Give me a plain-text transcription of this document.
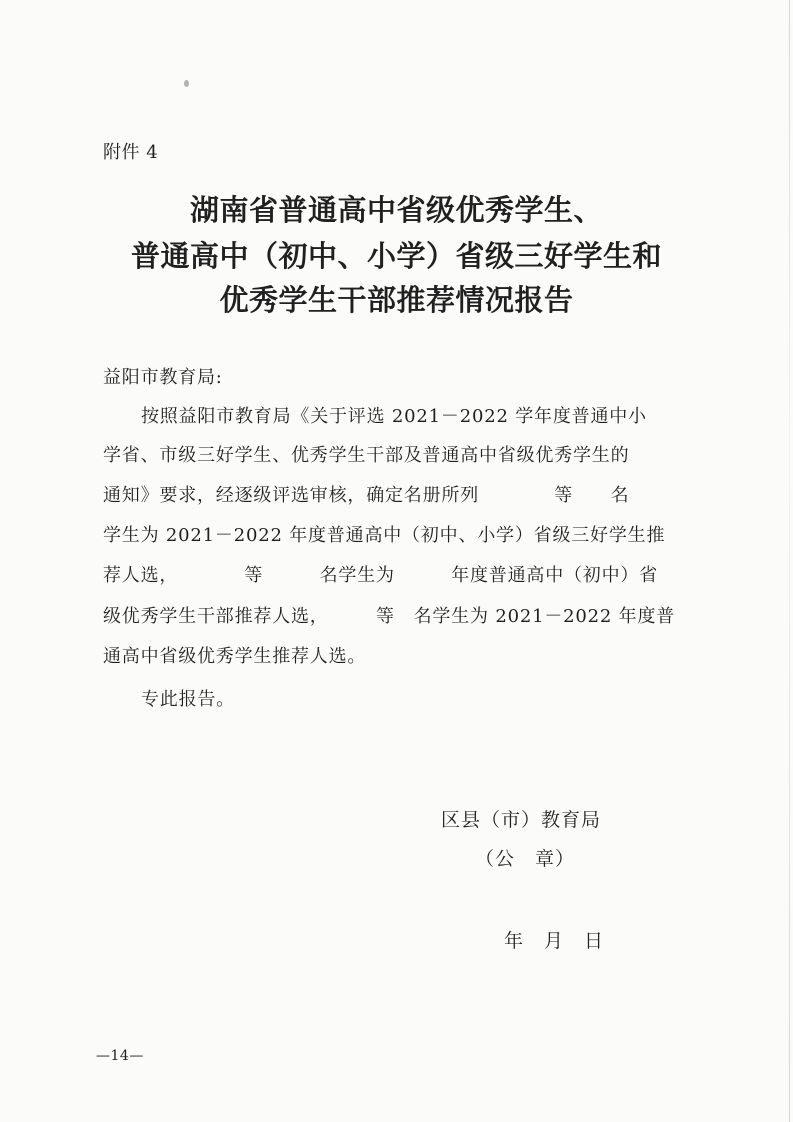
附件 4
湖南省普通高中省级优秀学生、
普通高中（初中、小学）省级三好学生和
优秀学生干部推荐情况报告
益阳市教育局:
按照益阳市教育局《关于评选 2021－2022 学年度普通中小
学省、市级三好学生、优秀学生干部及普通高中省级优秀学生的
通知》要求，经逐级评选审核，确定名册所列　　　　等　　名
学生为 2021－2022 年度普通高中（初中、小学）省级三好学生推
荐人选，　　　　等　　　名学生为　　　年度普通高中（初中）省
级优秀学生干部推荐人选，　　　等　名学生为 2021－2022 年度普
通高中省级优秀学生推荐人选。
专此报告。
区县（市）教育局
（公　章）
年　月　日
—14—
